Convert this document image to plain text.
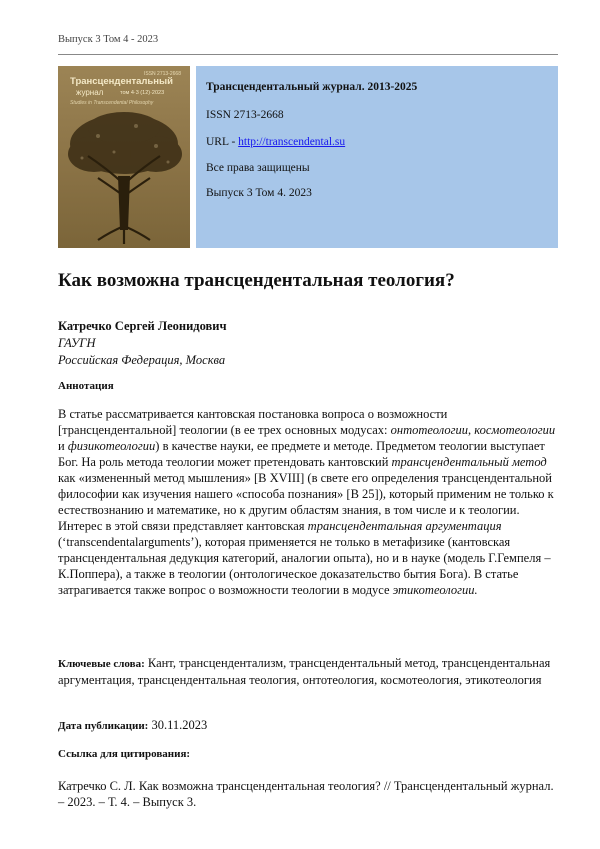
Выпуск 3 Том 4 - 2023
ISSN 2713-2668
Трансцендентальный
журнал	том 4·3 (12)·2023
Studies in Transcendental Philosophy
Трансцендентальный журнал. 2013-2025
ISSN 2713-2668
URL - http://transcendental.su
Все права защищены
Выпуск 3 Том 4. 2023
Как возможна трансцендентальная теология?
Катречко Сергей Леонидович
ГАУГН
Российская Федерация, Москва
Аннотация

В статье рассматривается кантовская постановка вопроса о возможности [трансцендентальной] теологии (в ее трех основных модусах: онтотеологии, космотеологии и физикотеологии) в качестве науки, ее предмете и методе. Предметом теологии выступает Бог. На роль метода теологии может претендовать кантовский трансцендентальный метод как «измененный метод мышления» [B XVIII] (в свете его определения трансцендентальной философии как изучения нашего «способа познания» [B 25]), который применим не только к естествознанию и математике, но к другим областям знания, в том числе и к теологии. Интерес в этой связи представляет кантовская трансцендентальная аргументация (‘transcendentalarguments’), которая применяется не только в метафизике (кантовская трансцендентальная дедукция категорий, аналогии опыта), но и в науке (модель Г.Гемпеля – К.Поппера), а также в теологии (онтологическое доказательство бытия Бога). В статье затрагивается также вопрос о возможности теологии в модусе этикотеологии.

Ключевые слова: Кант, трансцендентализм, трансцендентальный метод, трансцендентальная аргументация, трансцендентальная теология, онтотеология, космотеология, этикотеология

Дата публикации: 30.11.2023
Ссылка для цитирования:

Катречко С. Л. Как возможна трансцендентальная теология? // Трансцендентальный журнал. – 2023. – Т. 4. – Выпуск 3.
